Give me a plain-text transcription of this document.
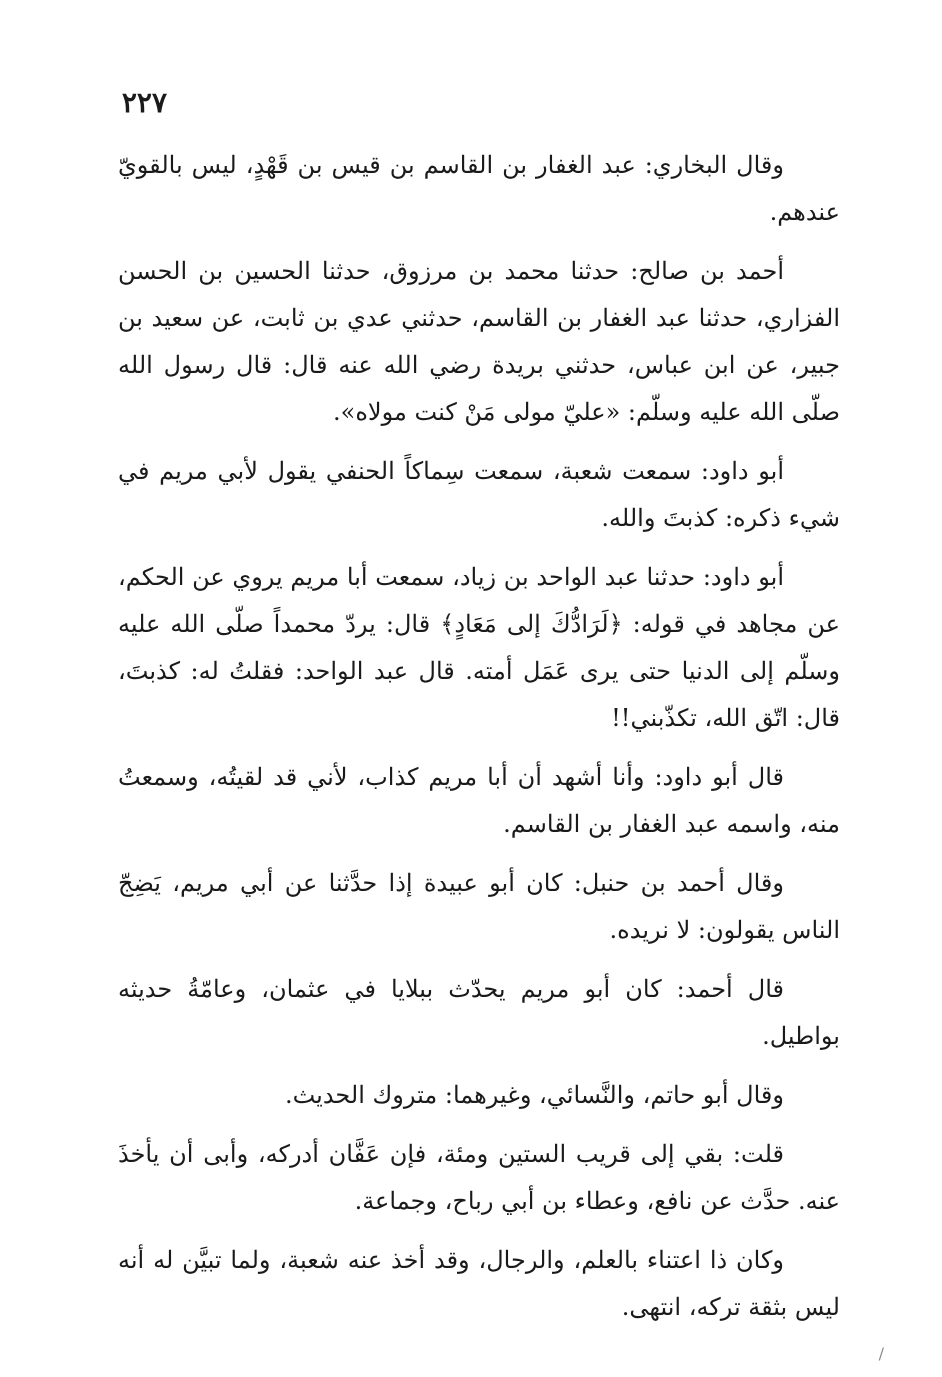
٢٢٧

وقال البخاري: عبد الغفار بن القاسم بن قيس بن قَهْدٍ، ليس بالقويّ عندهم.

أحمد بن صالح: حدثنا محمد بن مرزوق، حدثنا الحسين بن الحسن الفزاري، حدثنا عبد الغفار بن القاسم، حدثني عدي بن ثابت، عن سعيد بن جبير، عن ابن عباس، حدثني بريدة رضي الله عنه قال: قال رسول الله صلّى الله عليه وسلّم: «عليّ مولى مَنْ كنت مولاه».

أبو داود: سمعت شعبة، سمعت سِماكاً الحنفي يقول لأبي مريم في شيء ذكره: كذبتَ والله.

أبو داود: حدثنا عبد الواحد بن زياد، سمعت أبا مريم يروي عن الحكم، عن مجاهد في قوله: ﴿لَرَادُّكَ إلى مَعَادٍ﴾ قال: يردّ محمداً صلّى الله عليه وسلّم إلى الدنيا حتى يرى عَمَل أمته. قال عبد الواحد: فقلتُ له: كذبتَ، قال: اتّق الله، تكذّبني!!

قال أبو داود: وأنا أشهد أن أبا مريم كذاب، لأني قد لقيتُه، وسمعتُ منه، واسمه عبد الغفار بن القاسم.

وقال أحمد بن حنبل: كان أبو عبيدة إذا حدَّثنا عن أبي مريم، يَضِجّ الناس يقولون: لا نريده.

قال أحمد: كان أبو مريم يحدّث ببلايا في عثمان، وعامّةُ حديثه بواطيل.

وقال أبو حاتم، والنَّسائي، وغيرهما: متروك الحديث.

قلت: بقي إلى قريب الستين ومئة، فإن عَفَّان أدركه، وأبى أن يأخذَ عنه. حدَّث عن نافع، وعطاء بن أبي رباح، وجماعة.

وكان ذا اعتناء بالعلم، والرجال، وقد أخذ عنه شعبة، ولما تبيَّن له أنه ليس بثقة تركه، انتهى.

/
